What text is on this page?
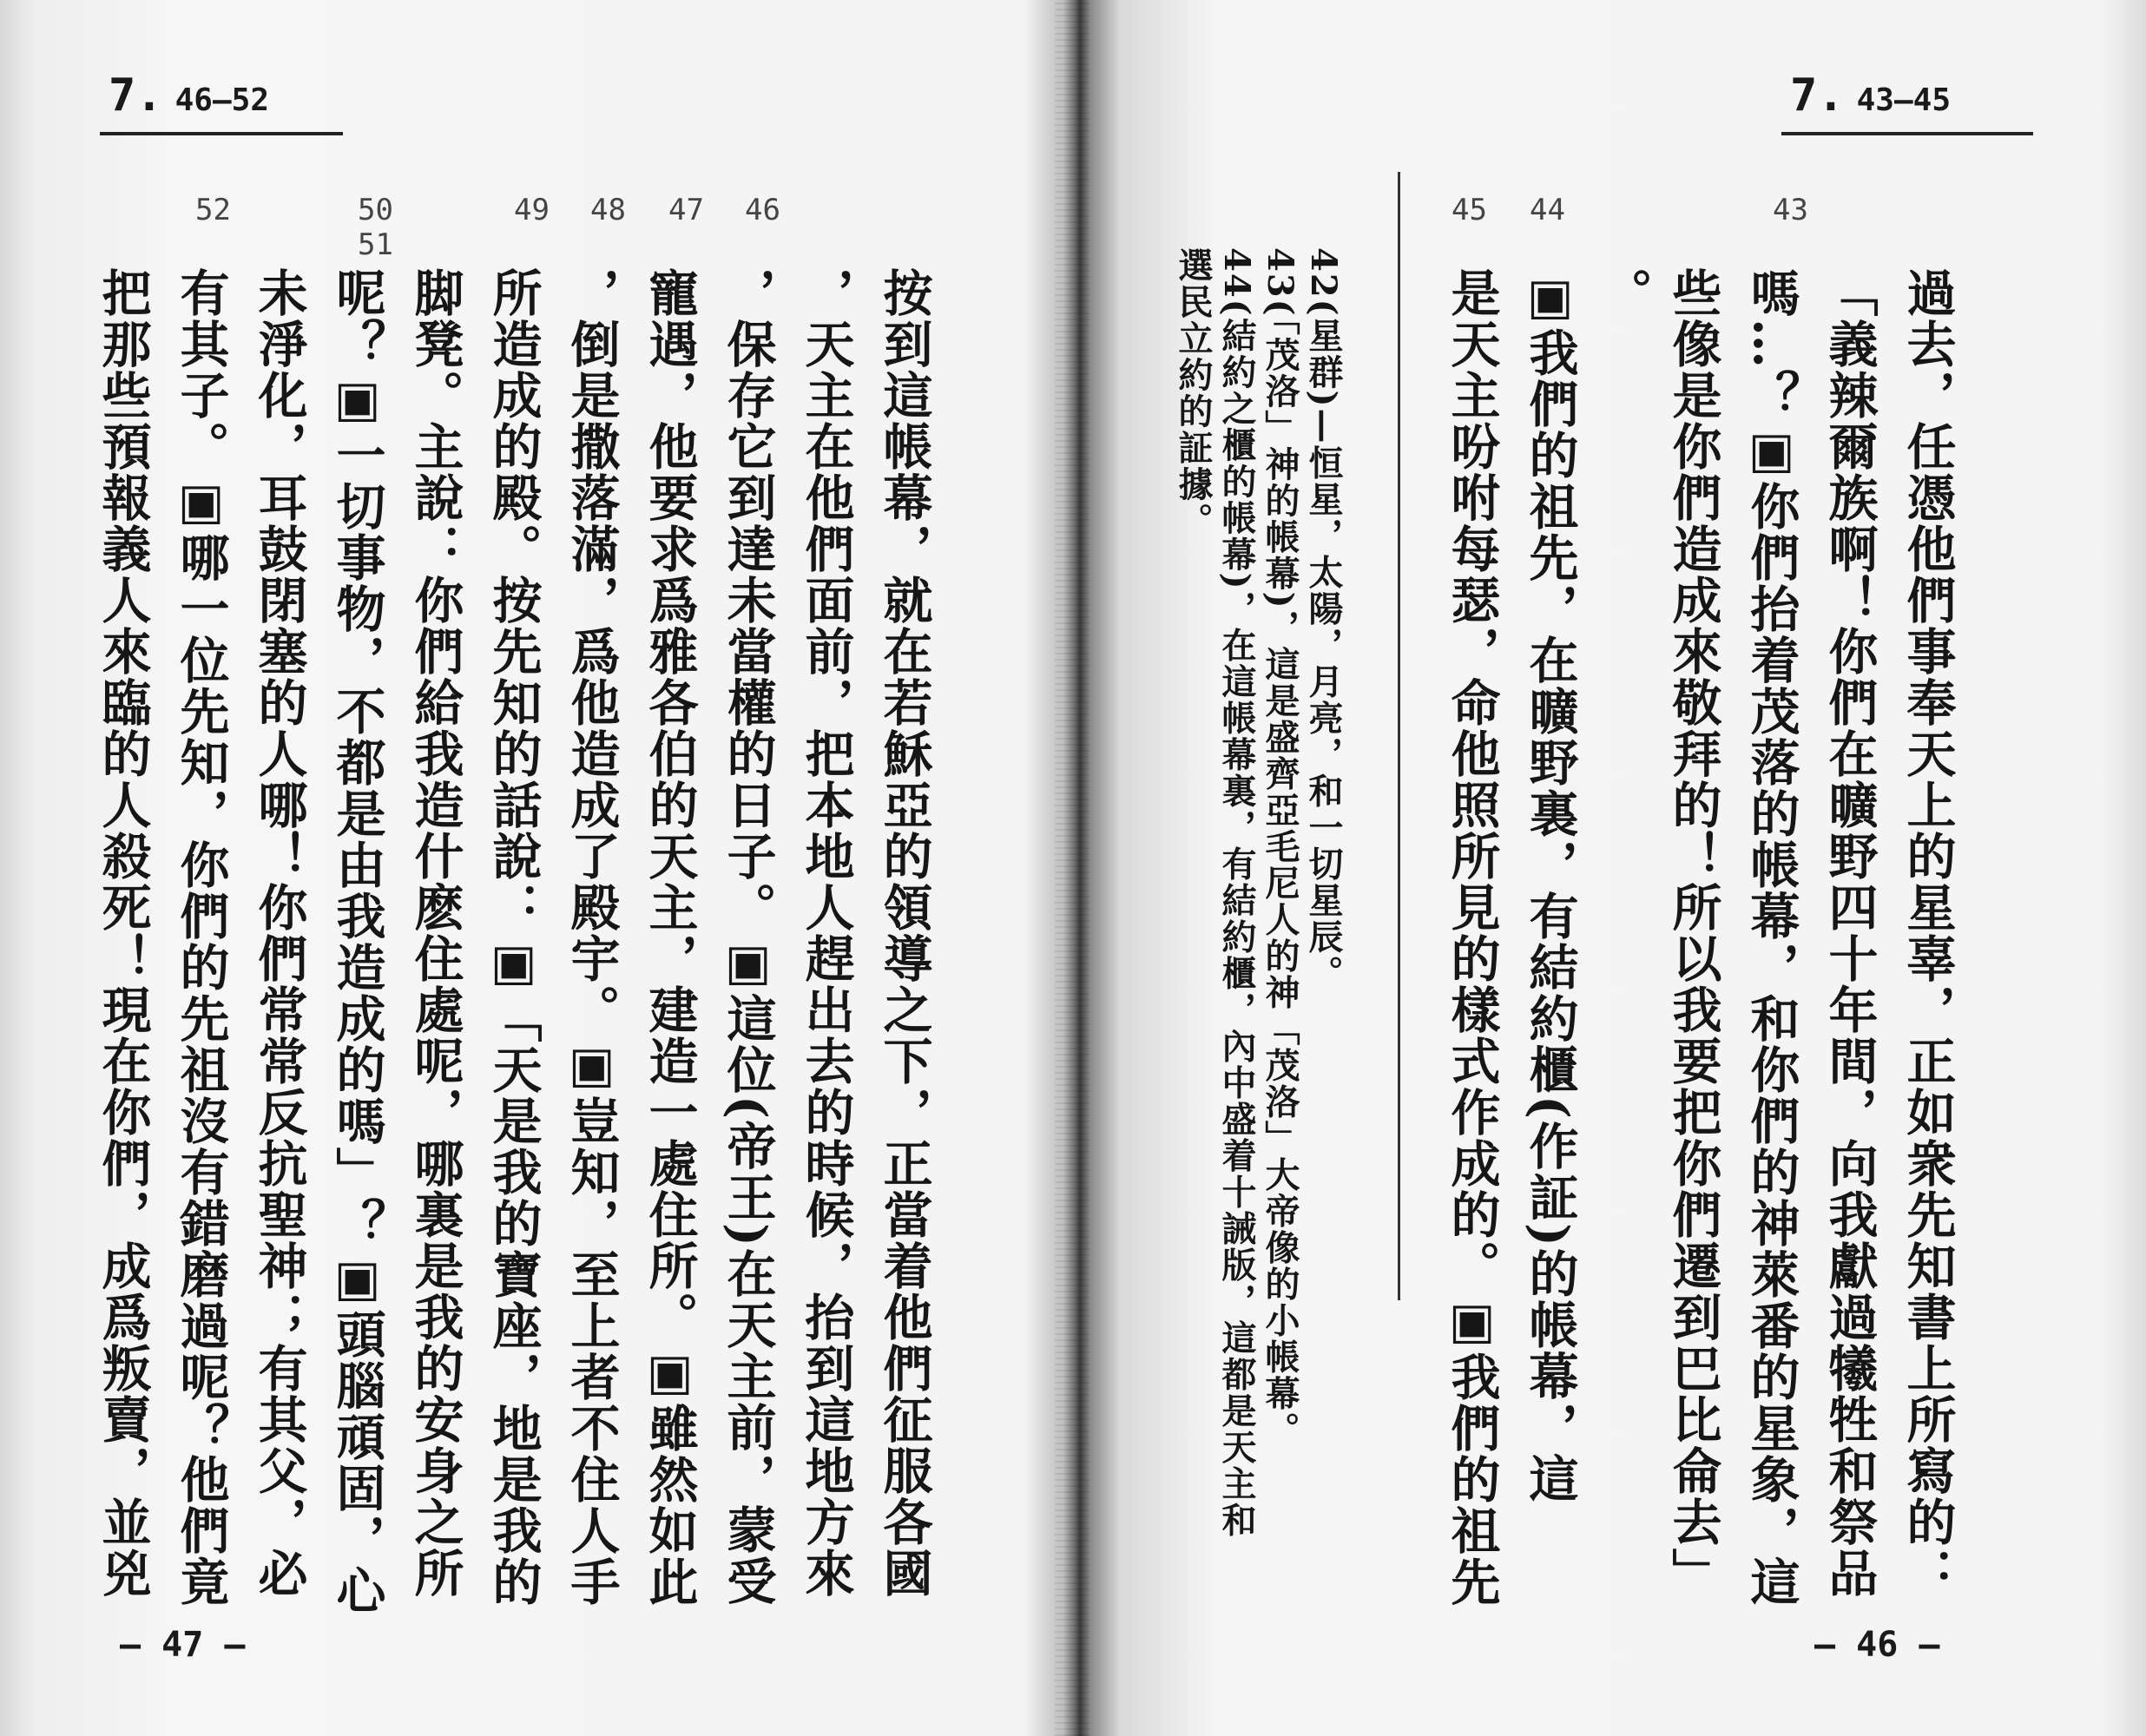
7. 46—52
52	50
51
49 48 47 46
按到這帳幕，就在若穌亞的領導之下，正當着他們征服各國
，天主在他們面前，把本地人趕出去的時候，抬到這地方來
，保存它到達未當權的日子。▣這位(帝王)在天主前，蒙受
寵遇，他要求爲雅各伯的天主，建造一處住所。▣雖然如此
，倒是撒落滿，爲他造成了殿宇。▣豈知，至上者不住人手
所造成的殿。按先知的話說：▣「天是我的寶座，地是我的
脚凳。主說：你們給我造什麽住處呢，哪裏是我的安身之所
呢？▣一切事物，不都是由我造成的嗎」？▣頭腦頑固，心
未淨化，耳鼓閉塞的人哪！你們常常反抗聖神；有其父，必
有其子。▣哪一位先知，你們的先祖沒有錯磨過呢？他們竟
把那些預報義人來臨的人殺死！現在你們，成爲叛賣，並兇
— 47 —
7. 43—45
45 44	43
過去，任憑他們事奉天上的星辜，正如衆先知書上所寫的：
「義辣爾族啊！你們在曠野四十年間，向我獻過犧牲和祭品
嗎…？▣你們抬着茂落的帳幕，和你們的神萊番的星象，這
些像是你們造成來敬拜的！所以我要把你們遷到巴比侖去」
。
▣我們的祖先，在曠野裏，有結約櫃(作証)的帳幕，這
是天主吩咐每瑟，命他照所見的樣式作成的。▣我們的祖先
42(星群)—恒星，太陽，月亮，和一切星辰。
43(「茂洛」神的帳幕)，這是盛齊亞毛尼人的神「茂洛」大帝像的小帳幕。
44(結約之櫃的帳幕)，在這帳幕裏，有結約櫃，內中盛着十誡版，這都是天主和
選民立約的証據。
— 46 —
